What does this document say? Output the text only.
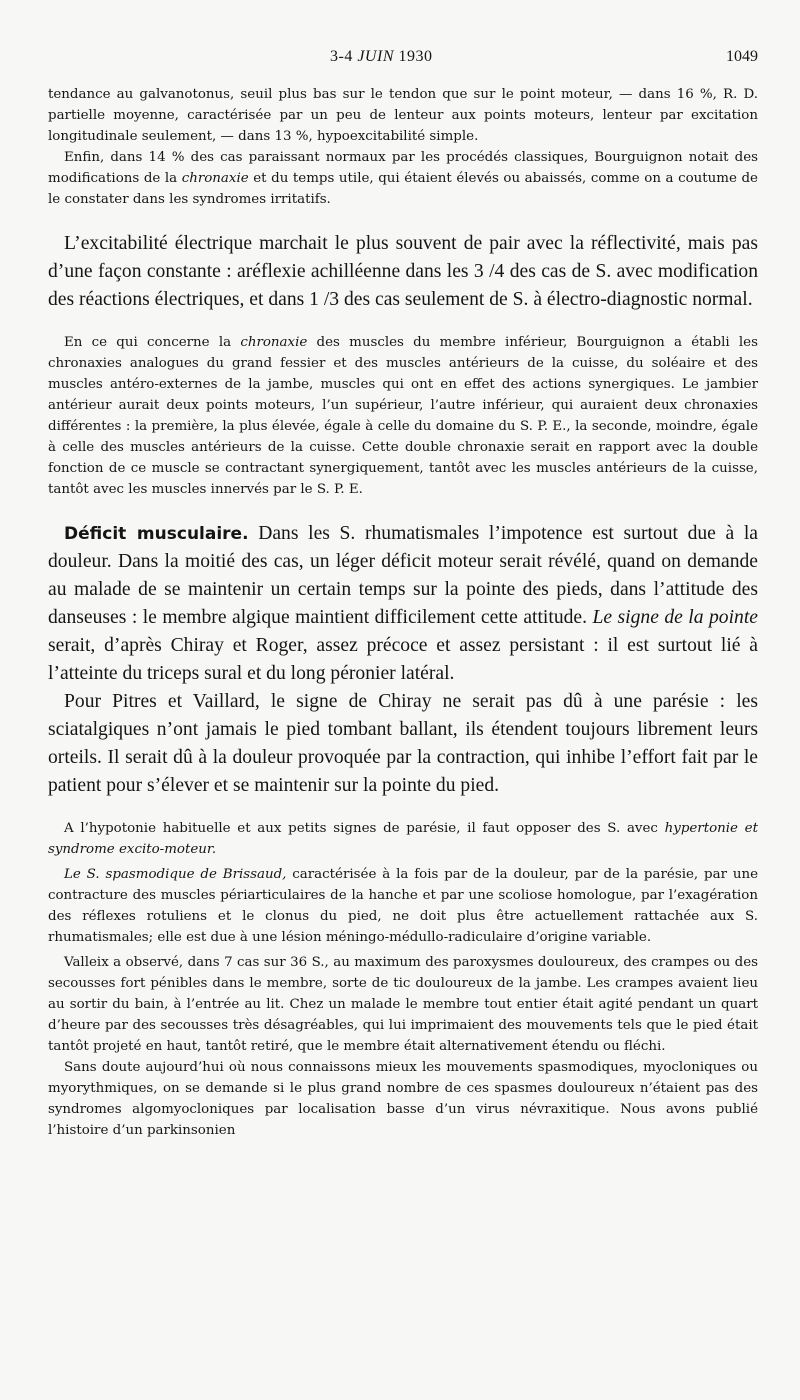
3-4 JUIN 1930	1049

tendance au galvanotonus, seuil plus bas sur le tendon que sur le point moteur, — dans 16 %, R. D. partielle moyenne, caractérisée par un peu de lenteur aux points moteurs, lenteur par excitation longitudinale seulement, — dans 13 %, hypoexcitabilité simple.

Enfin, dans 14 % des cas paraissant normaux par les procédés classiques, Bourguignon notait des modifications de la chronaxie et du temps utile, qui étaient élevés ou abaissés, comme on a coutume de le constater dans les syndromes irritatifs.

L’excitabilité électrique marchait le plus souvent de pair avec la réflectivité, mais pas d’une façon constante : aréflexie achilléenne dans les 3 /4 des cas de S. avec modification des réactions électriques, et dans 1 /3 des cas seulement de S. à électro-diagnostic normal.

En ce qui concerne la chronaxie des muscles du membre inférieur, Bourguignon a établi les chronaxies analogues du grand fessier et des muscles antérieurs de la cuisse, du soléaire et des muscles antéro-externes de la jambe, muscles qui ont en effet des actions synergiques. Le jambier antérieur aurait deux points moteurs, l’un supérieur, l’autre inférieur, qui auraient deux chronaxies différentes : la première, la plus élevée, égale à celle du domaine du S. P. E., la seconde, moindre, égale à celle des muscles antérieurs de la cuisse. Cette double chronaxie serait en rapport avec la double fonction de ce muscle se contractant synergiquement, tantôt avec les muscles antérieurs de la cuisse, tantôt avec les muscles innervés par le S. P. E.

Déficit musculaire. Dans les S. rhumatismales l’impotence est surtout due à la douleur. Dans la moitié des cas, un léger déficit moteur serait révélé, quand on demande au malade de se maintenir un certain temps sur la pointe des pieds, dans l’attitude des danseuses : le membre algique maintient difficilement cette attitude. Le signe de la pointe serait, d’après Chiray et Roger, assez précoce et assez persistant : il est surtout lié à l’atteinte du triceps sural et du long péronier latéral.

Pour Pitres et Vaillard, le signe de Chiray ne serait pas dû à une parésie : les sciatalgiques n’ont jamais le pied tombant ballant, ils étendent toujours librement leurs orteils. Il serait dû à la douleur provoquée par la contraction, qui inhibe l’effort fait par le patient pour s’élever et se maintenir sur la pointe du pied.

A l’hypotonie habituelle et aux petits signes de parésie, il faut opposer des S. avec hypertonie et syndrome excito-moteur.

Le S. spasmodique de Brissaud, caractérisée à la fois par de la douleur, par de la parésie, par une contracture des muscles périarticulaires de la hanche et par une scoliose homologue, par l’exagération des réflexes rotuliens et le clonus du pied, ne doit plus être actuellement rattachée aux S. rhumatismales; elle est due à une lésion méningo-médullo-radiculaire d’origine variable.

Valleix a observé, dans 7 cas sur 36 S., au maximum des paroxysmes douloureux, des crampes ou des secousses fort pénibles dans le membre, sorte de tic douloureux de la jambe. Les crampes avaient lieu au sortir du bain, à l’entrée au lit. Chez un malade le membre tout entier était agité pendant un quart d’heure par des secousses très désagréables, qui lui imprimaient des mouvements tels que le pied était tantôt projeté en haut, tantôt retiré, que le membre était alternativement étendu ou fléchi.

Sans doute aujourd’hui où nous connaissons mieux les mouvements spasmodiques, myocloniques ou myorythmiques, on se demande si le plus grand nombre de ces spasmes douloureux n’étaient pas des syndromes algomyocloniques par localisation basse d’un virus névraxitique. Nous avons publié l’histoire d’un parkinsonien
